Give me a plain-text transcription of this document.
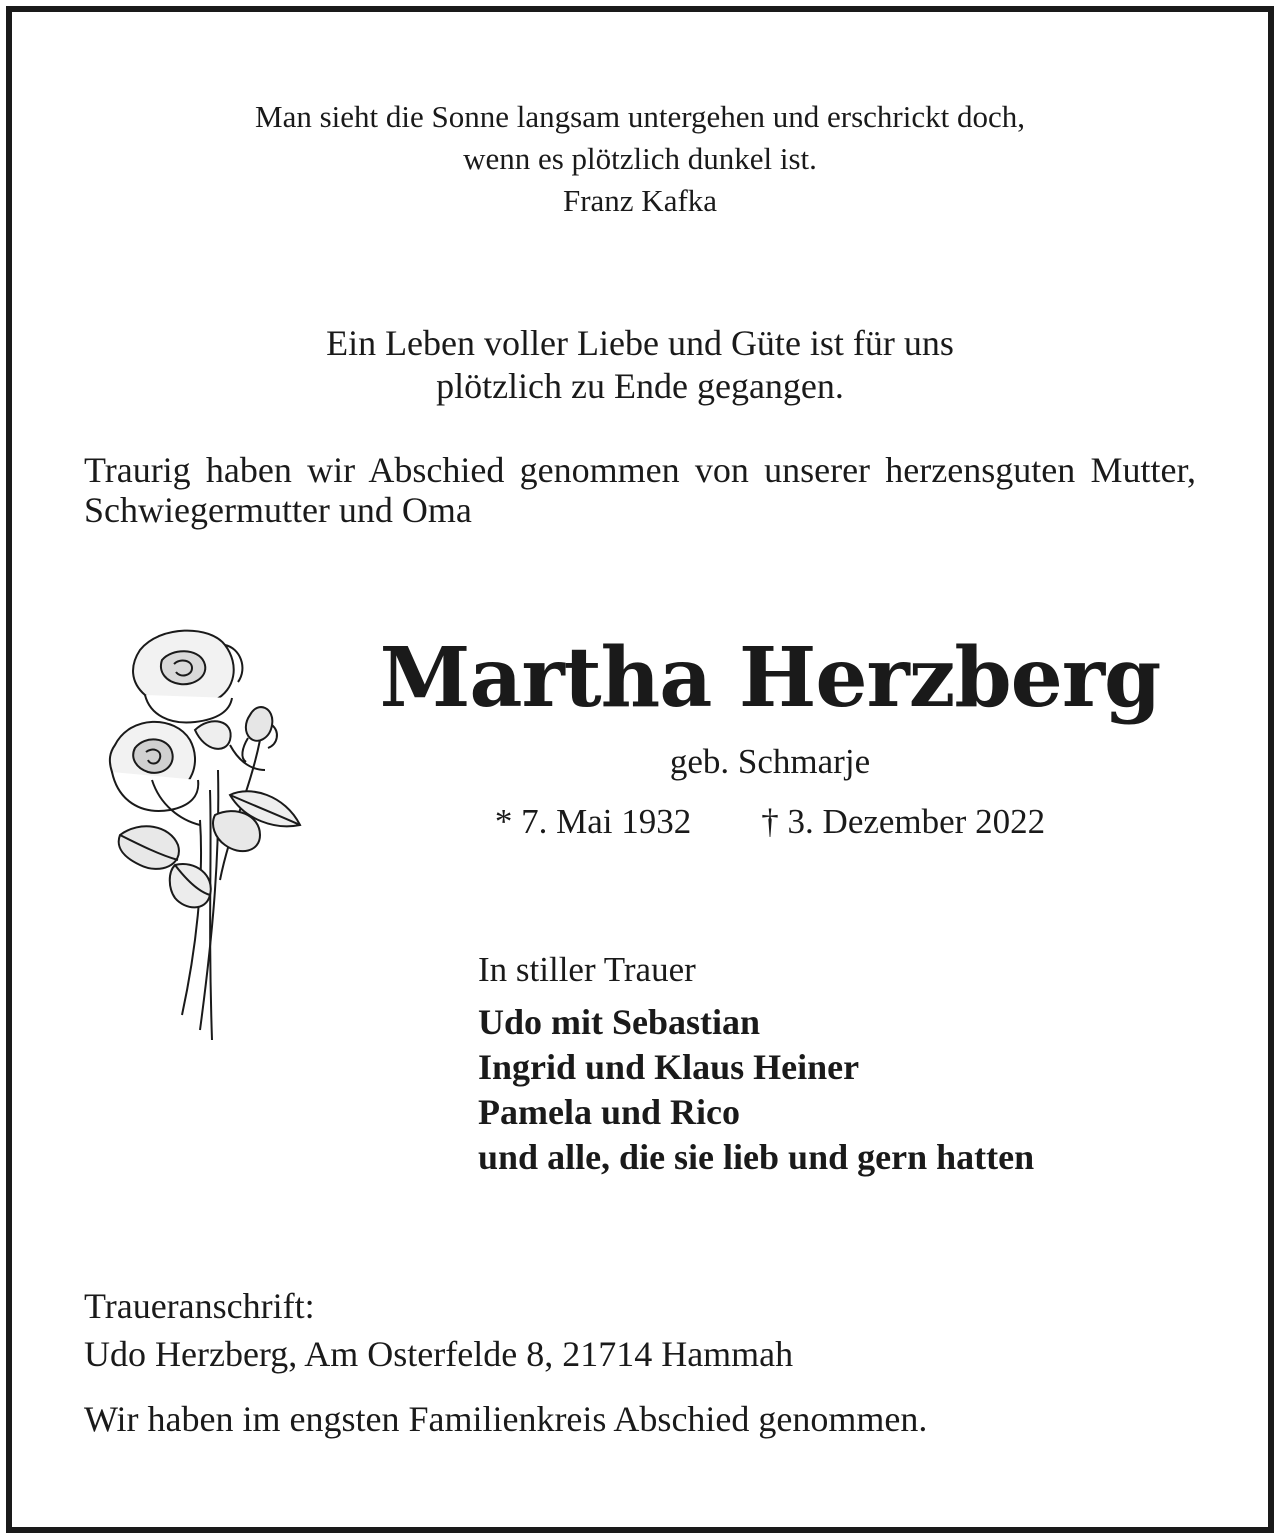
Man sieht die Sonne langsam untergehen und erschrickt doch,
wenn es plötzlich dunkel ist.
Franz Kafka
Ein Leben voller Liebe und Güte ist für uns
plötzlich zu Ende gegangen.

Traurig haben wir Abschied genommen von unserer herzensguten Mutter, Schwiegermutter und Oma

Martha Herzberg
geb. Schmarje
* 7. Mai 1932 † 3. Dezember 2022
In stiller Trauer
Udo mit Sebastian
Ingrid und Klaus Heiner
Pamela und Rico
und alle, die sie lieb und gern hatten
Traueranschrift:
Udo Herzberg, Am Osterfelde 8, 21714 Hammah
Wir haben im engsten Familienkreis Abschied genommen.
